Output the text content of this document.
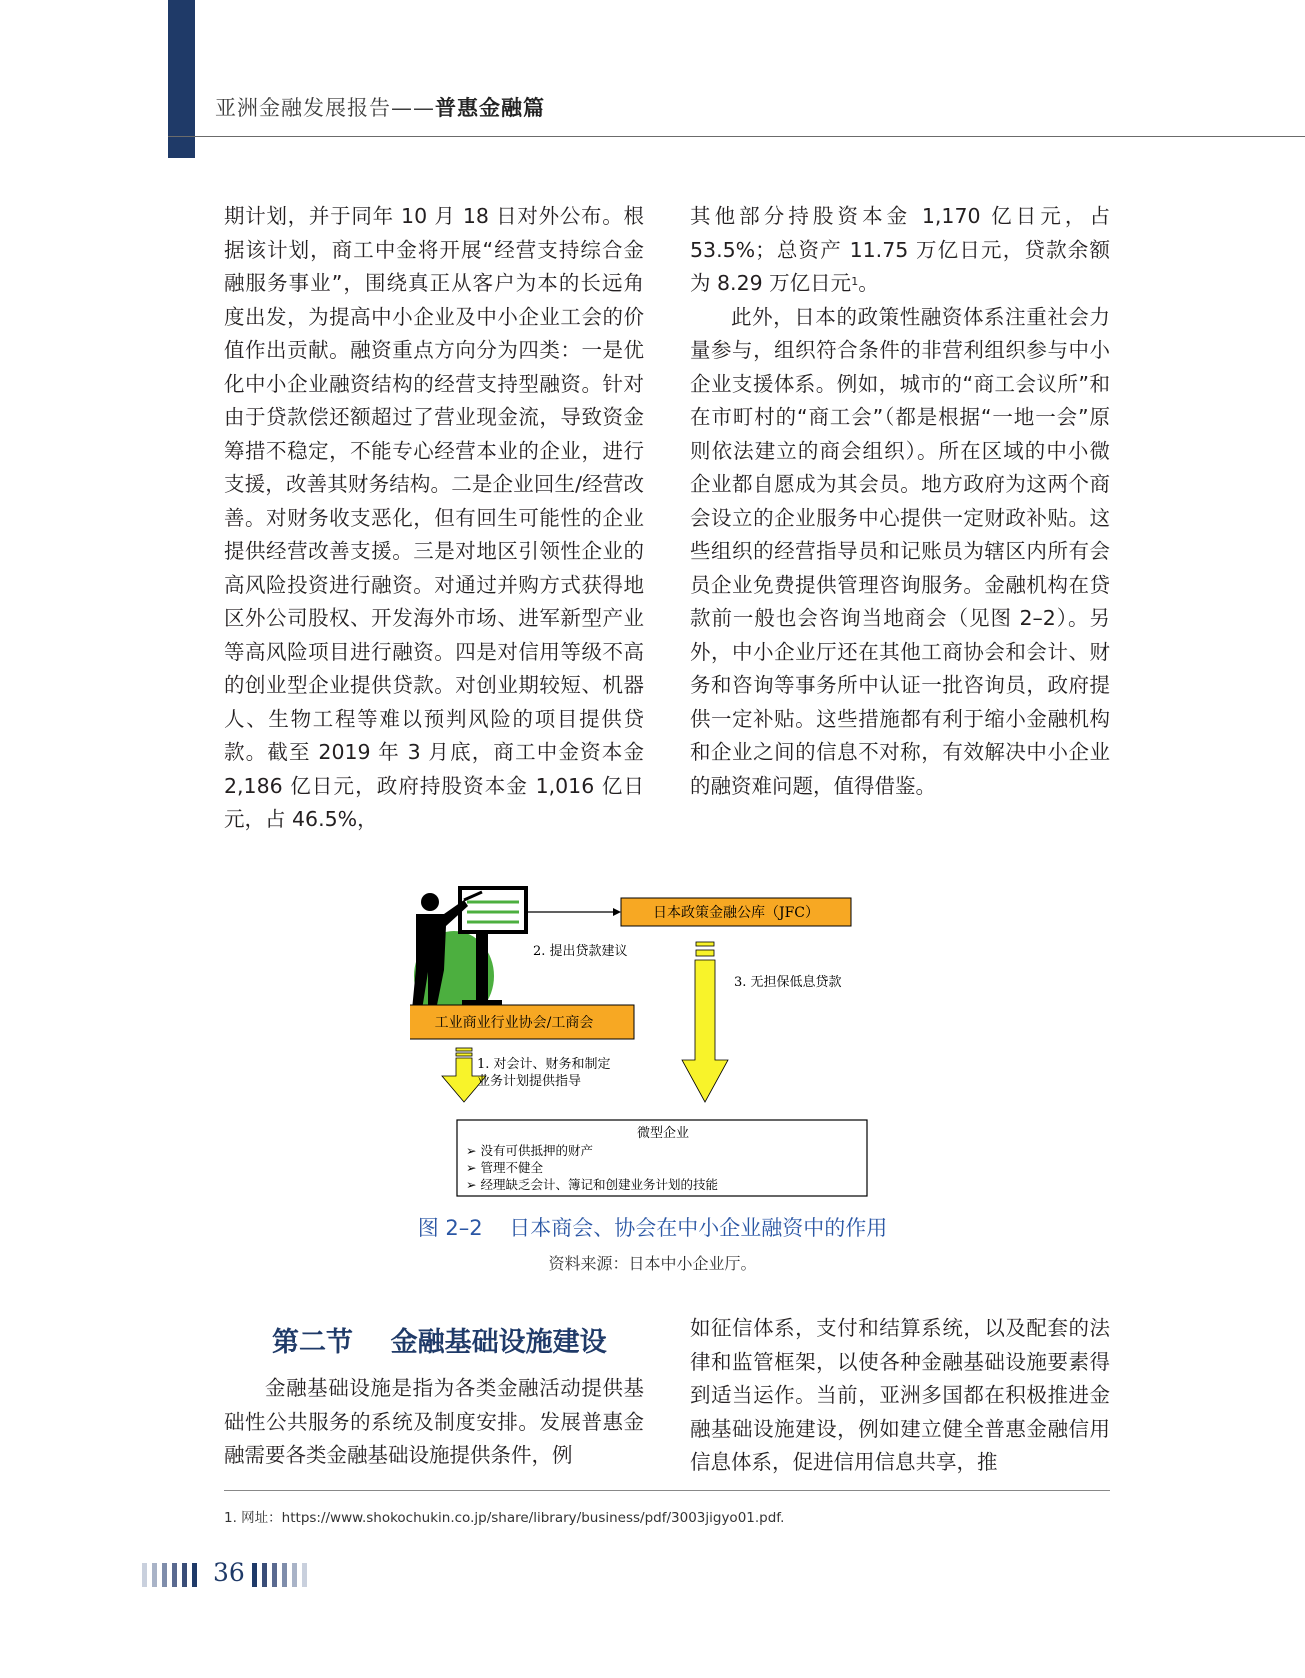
亚洲金融发展报告——普惠金融篇

期计划，并于同年 10 月 18 日对外公布。根据该计划，商工中金将开展“经营支持综合金融服务事业”，围绕真正从客户为本的长远角度出发，为提高中小企业及中小企业工会的价值作出贡献。融资重点方向分为四类：一是优化中小企业融资结构的经营支持型融资。针对由于贷款偿还额超过了营业现金流，导致资金筹措不稳定，不能专心经营本业的企业，进行支援，改善其财务结构。二是企业回生/经营改善。对财务收支恶化，但有回生可能性的企业提供经营改善支援。三是对地区引领性企业的高风险投资进行融资。对通过并购方式获得地区外公司股权、开发海外市场、进军新型产业等高风险项目进行融资。四是对信用等级不高的创业型企业提供贷款。对创业期较短、机器人、生物工程等难以预判风险的项目提供贷款。截至 2019 年 3 月底，商工中金资本金 2,186 亿日元，政府持股资本金 1,016 亿日元，占 46.5%，

其他部分持股资本金 1,170 亿日元，占 53.5%；总资产 11.75 万亿日元，贷款余额为 8.29 万亿日元$^1$。

此外，日本的政策性融资体系注重社会力量参与，组织符合条件的非营利组织参与中小企业支援体系。例如，城市的“商工会议所”和在市町村的“商工会”（都是根据“一地一会”原则依法建立的商会组织）。所在区域的中小微企业都自愿成为其会员。地方政府为这两个商会设立的企业服务中心提供一定财政补贴。这些组织的经营指导员和记账员为辖区内所有会员企业免费提供管理咨询服务。金融机构在贷款前一般也会咨询当地商会（见图 2–2）。另外，中小企业厅还在其他工商协会和会计、财务和咨询等事务所中认证一批咨询员，政府提供一定补贴。这些措施都有利于缩小金融机构和企业之间的信息不对称，有效解决中小企业的融资难问题，值得借鉴。

日本政策金融公库（JFC）
2. 提出贷款建议
工业商业行业协会/工商会
3. 无担保低息贷款
1. 对会计、财务和制定
业务计划提供指导
微型企业
➢ 没有可供抵押的财产
➢ 管理不健全
➢ 经理缺乏会计、簿记和创建业务计划的技能
图 2–2    日本商会、协会在中小企业融资中的作用
资料来源：日本中小企业厅。
第二节    金融基础设施建设

金融基础设施是指为各类金融活动提供基础性公共服务的系统及制度安排。发展普惠金融需要各类金融基础设施提供条件，例

如征信体系，支付和结算系统，以及配套的法律和监管框架，以使各种金融基础设施要素得到适当运作。当前，亚洲多国都在积极推进金融基础设施建设，例如建立健全普惠金融信用信息体系，促进信用信息共享，推

1. 网址：https://www.shokochukin.co.jp/share/library/business/pdf/3003jigyo01.pdf.
36
